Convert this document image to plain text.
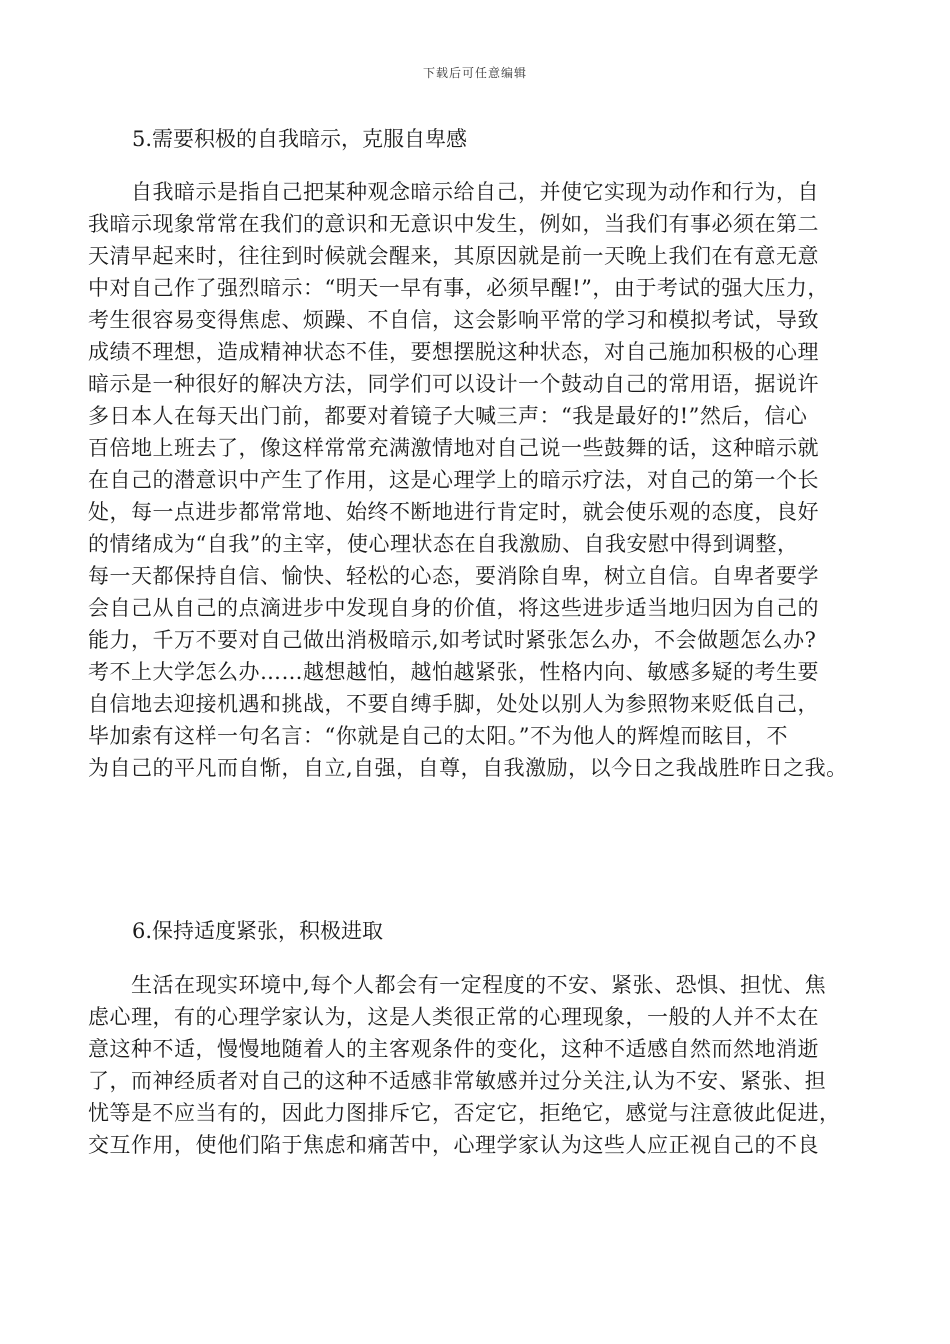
下载后可任意编辑
5.需要积极的自我暗示，克服自卑感
　　自我暗示是指自己把某种观念暗示给自己，并使它实现为动作和行为，自
我暗示现象常常在我们的意识和无意识中发生，例如，当我们有事必须在第二
天清早起来时，往往到时候就会醒来，其原因就是前一天晚上我们在有意无意
中对自己作了强烈暗示：“明天一早有事，必须早醒!”，由于考试的强大压力，
考生很容易变得焦虑、烦躁、不自信，这会影响平常的学习和模拟考试，导致
成绩不理想，造成精神状态不佳，要想摆脱这种状态，对自己施加积极的心理
暗示是一种很好的解决方法，同学们可以设计一个鼓动自己的常用语，据说许
多日本人在每天出门前，都要对着镜子大喊三声：“我是最好的!”然后，信心
百倍地上班去了，像这样常常充满激情地对自己说一些鼓舞的话，这种暗示就
在自己的潜意识中产生了作用，这是心理学上的暗示疗法，对自己的第一个长
处，每一点进步都常常地、始终不断地进行肯定时，就会使乐观的态度，良好
的情绪成为“自我”的主宰，使心理状态在自我激励、自我安慰中得到调整，
每一天都保持自信、愉快、轻松的心态，要消除自卑，树立自信。自卑者要学
会自己从自己的点滴进步中发现自身的价值，将这些进步适当地归因为自己的
能力，千万不要对自己做出消极暗示,如考试时紧张怎么办，不会做题怎么办?
考不上大学怎么办……越想越怕，越怕越紧张，性格内向、敏感多疑的考生要
自信地去迎接机遇和挑战，不要自缚手脚，处处以别人为参照物来贬低自己，
毕加索有这样一句名言：“你就是自己的太阳。”不为他人的辉煌而眩目，不
为自己的平凡而自惭，自立,自强，自尊，自我激励，以今日之我战胜昨日之我。
6.保持适度紧张，积极进取
　　生活在现实环境中,每个人都会有一定程度的不安、紧张、恐惧、担忧、焦
虑心理，有的心理学家认为，这是人类很正常的心理现象，一般的人并不太在
意这种不适，慢慢地随着人的主客观条件的变化，这种不适感自然而然地消逝
了，而神经质者对自己的这种不适感非常敏感并过分关注,认为不安、紧张、担
忧等是不应当有的，因此力图排斥它，否定它，拒绝它，感觉与注意彼此促进，
交互作用，使他们陷于焦虑和痛苦中，心理学家认为这些人应正视自己的不良
